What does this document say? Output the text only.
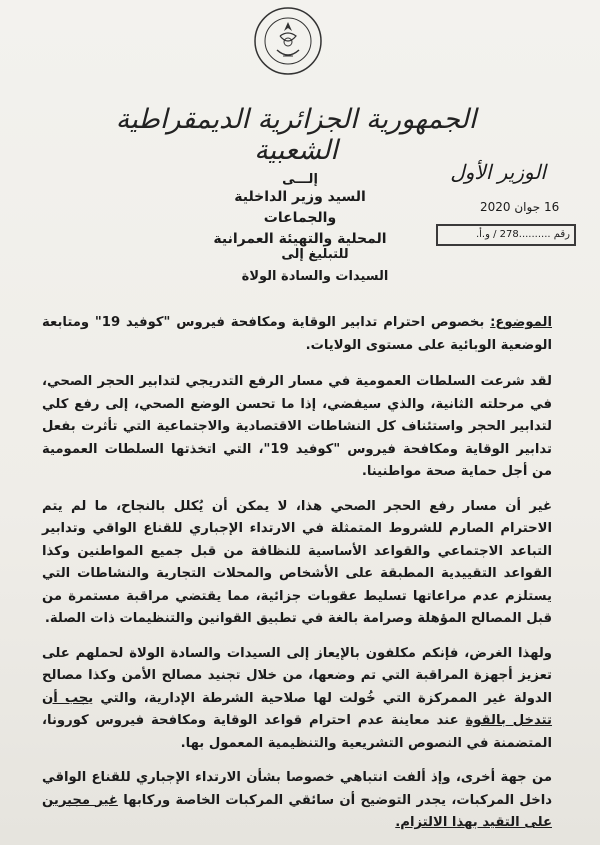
الجمهورية الجزائرية الديمقراطية الشعبية
الوزير الأول
16 جوان 2020
رقم ..........278 / و.أ.
إلـــى
السيد وزير الداخلية والجماعات
المحلية والتهيئة العمرانية
للتبليغ إلى
السيدات والسادة الولاة

الموضوع: بخصوص احترام تدابير الوقاية ومكافحة فيروس "كوفيد 19" ومتابعة الوضعية الوبائية على مستوى الولايات.

لقد شرعت السلطات العمومية في مسار الرفع التدريجي لتدابير الحجر الصحي، في مرحلته الثانية، والذي سيفضي، إذا ما تحسن الوضع الصحي، إلى رفع كلي لتدابير الحجر واستئناف كل النشاطات الاقتصادية والاجتماعية التي تأثرت بفعل تدابير الوقاية ومكافحة فيروس "كوفيد 19"، التي اتخذتها السلطات العمومية من أجل حماية صحة مواطنينا.

غير أن مسار رفع الحجر الصحي هذا، لا يمكن أن يُكلل بالنجاح، ما لم يتم الاحترام الصارم للشروط المتمثلة في الارتداء الإجباري للقناع الواقي وتدابير التباعد الاجتماعي والقواعد الأساسية للنظافة من قبل جميع المواطنين وكذا القواعد التقييدية المطبقة على الأشخاص والمحلات التجارية والنشاطات التي يستلزم عدم مراعاتها تسليط عقوبات جزائية، مما يقتضي مراقبة مستمرة من قبل المصالح المؤهلة وصرامة بالغة في تطبيق القوانين والتنظيمات ذات الصلة.

ولهذا الغرض، فإنكم مكلفون بالإيعاز إلى السيدات والسادة الولاة لحملهم على تعزيز أجهزة المراقبة التي تم وضعها، من خلال تجنيد مصالح الأمن وكذا مصالح الدولة غير الممركزة التي خُولت لها صلاحية الشرطة الإدارية، والتي يجب أن تتدخل بالقوة عند معاينة عدم احترام قواعد الوقاية ومكافحة فيروس كورونا، المتضمنة في النصوص التشريعية والتنظيمية المعمول بها.

من جهة أخرى، وإذ ألفت انتباهي خصوصا بشأن الارتداء الإجباري للقناع الواقي داخل المركبات، يجدر التوضيح أن سائقي المركبات الخاصة وركابها غير مجبرين على التقيد بهذا الالتزام.
